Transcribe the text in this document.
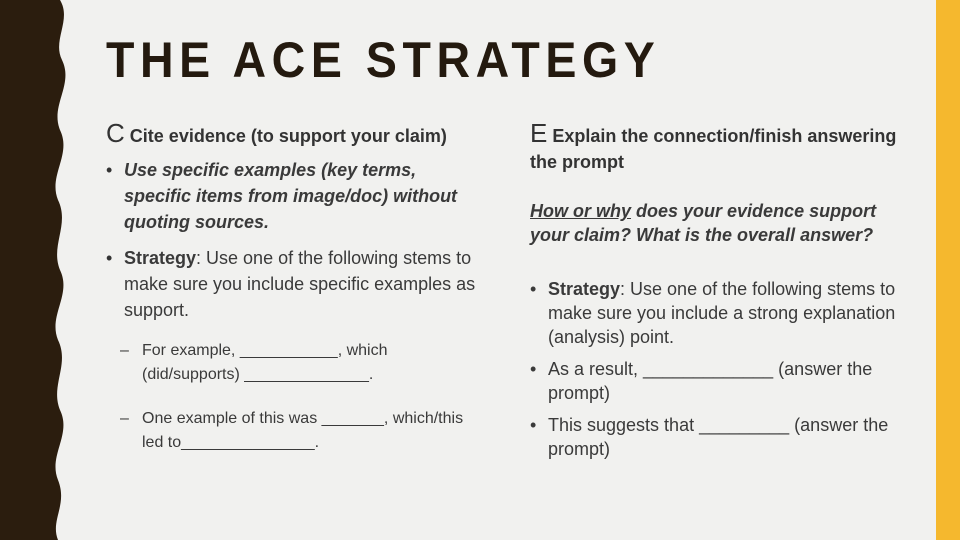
THE ACE STRATEGY

C Cite evidence (to support your claim)

• Use specific examples (key terms, specific items from image/doc) without quoting sources.
• Strategy: Use one of the following stems to make sure you include specific examples as support.
– For example, ___________, which (did/supports) ______________.
– One example of this was _______, which/this led to_______________.

E Explain the connection/finish answering the prompt

How or why does your evidence support your claim? What is the overall answer?

• Strategy: Use one of the following stems to make sure you include a strong explanation (analysis) point.
• As a result, _____________ (answer the prompt)
• This suggests that _________ (answer the prompt)
